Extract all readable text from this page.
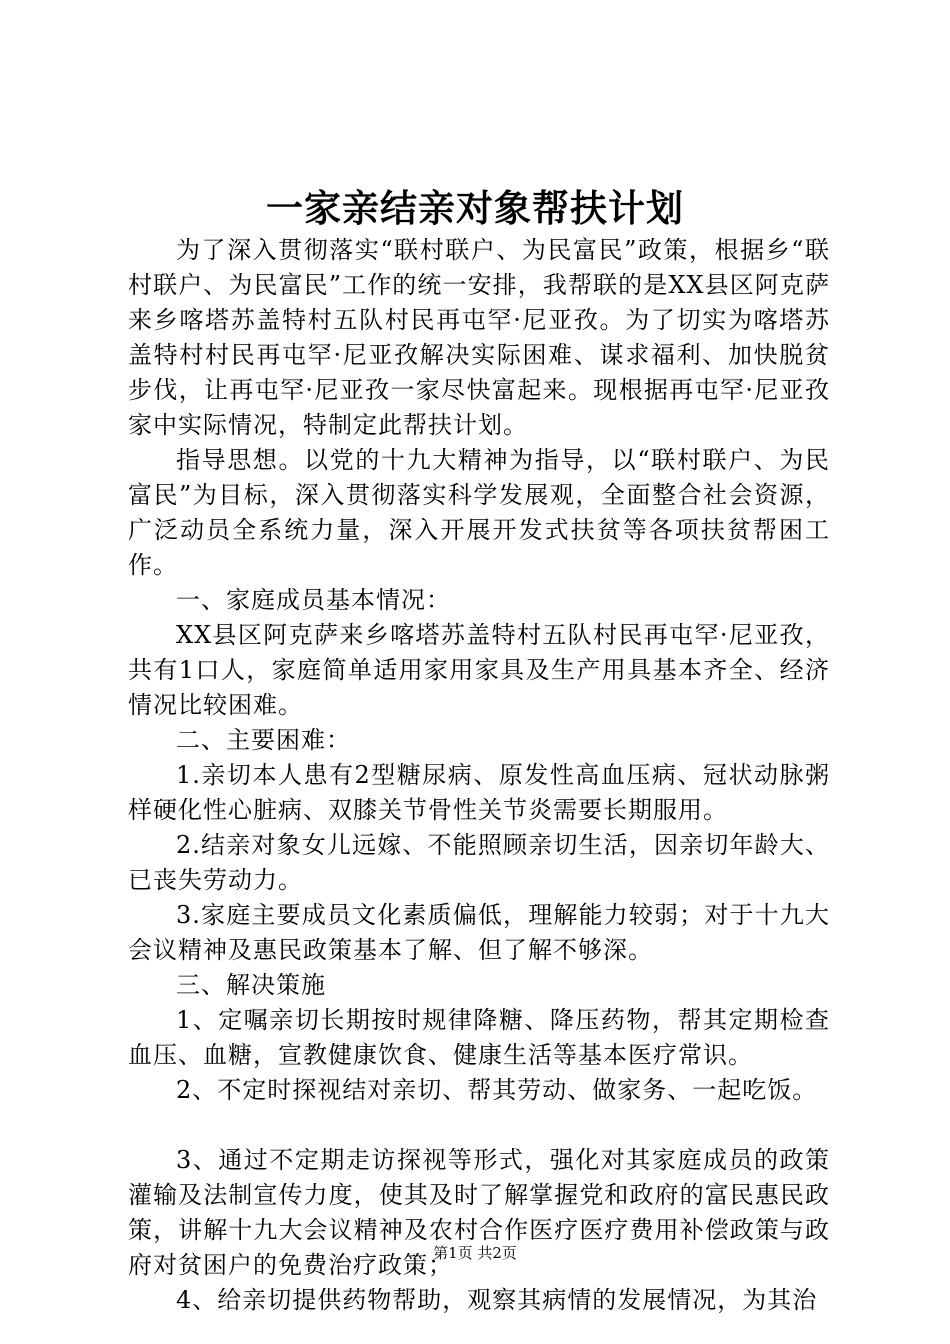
一家亲结亲对象帮扶计划

为了深入贯彻落实“联村联户、为民富民”政策，根据乡“联村联户、为民富民”工作的统一安排，我帮联的是XX县区阿克萨来乡喀塔苏盖特村五队村民再屯罕·尼亚孜。为了切实为喀塔苏盖特村村民再屯罕·尼亚孜解决实际困难、谋求福利、加快脱贫步伐，让再屯罕·尼亚孜一家尽快富起来。现根据再屯罕·尼亚孜家中实际情况，特制定此帮扶计划。

指导思想。以党的十九大精神为指导，以“联村联户、为民富民”为目标，深入贯彻落实科学发展观，全面整合社会资源，广泛动员全系统力量，深入开展开发式扶贫等各项扶贫帮困工作。

一、家庭成员基本情况：

XX县区阿克萨来乡喀塔苏盖特村五队村民再屯罕·尼亚孜，共有1口人，家庭简单适用家用家具及生产用具基本齐全、经济情况比较困难。

二、主要困难：

1.亲切本人患有2型糖尿病、原发性高血压病、冠状动脉粥样硬化性心脏病、双膝关节骨性关节炎需要长期服用。

2.结亲对象女儿远嫁、不能照顾亲切生活，因亲切年龄大、已丧失劳动力。

3.家庭主要成员文化素质偏低，理解能力较弱；对于十九大会议精神及惠民政策基本了解、但了解不够深。

三、解决策施

1、定嘱亲切长期按时规律降糖、降压药物，帮其定期检查血压、血糖，宣教健康饮食、健康生活等基本医疗常识。

2、不定时探视结对亲切、帮其劳动、做家务、一起吃饭。

3、通过不定期走访探视等形式，强化对其家庭成员的政策灌输及法制宣传力度，使其及时了解掌握党和政府的富民惠民政策，讲解十九大会议精神及农村合作医疗医疗费用补偿政策与政府对贫困户的免费治疗政策；

4、给亲切提供药物帮助，观察其病情的发展情况，为其治

第1页 共2页
